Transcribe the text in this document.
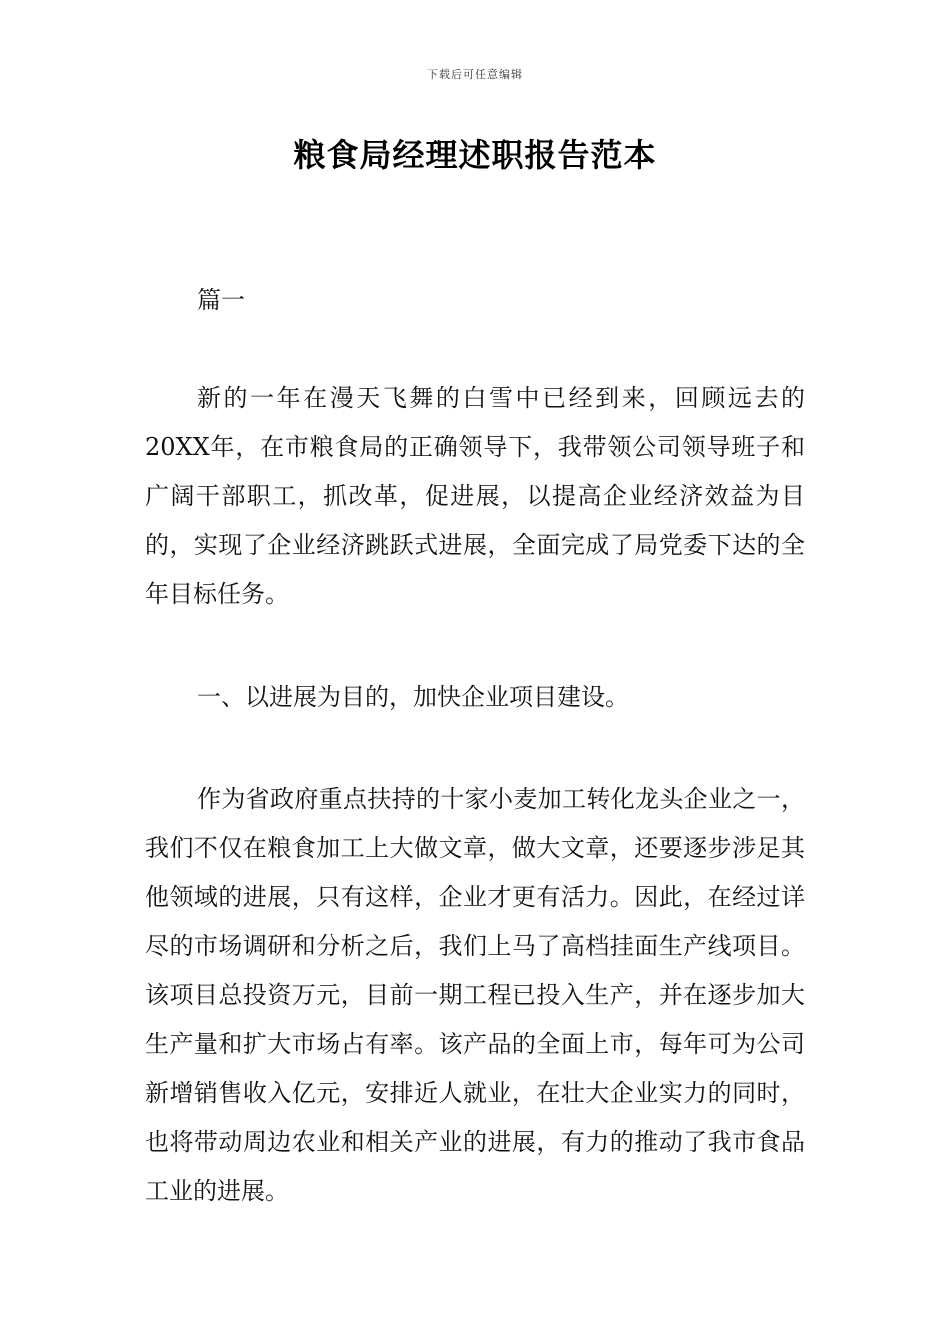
下载后可任意编辑
粮食局经理述职报告范本
篇一

新的一年在漫天飞舞的白雪中已经到来，回顾远去的20XX年，在市粮食局的正确领导下，我带领公司领导班子和广阔干部职工，抓改革，促进展，以提高企业经济效益为目的，实现了企业经济跳跃式进展，全面完成了局党委下达的全年目标任务。

一、以进展为目的，加快企业项目建设。

作为省政府重点扶持的十家小麦加工转化龙头企业之一，我们不仅在粮食加工上大做文章，做大文章，还要逐步涉足其他领域的进展，只有这样，企业才更有活力。因此，在经过详尽的市场调研和分析之后，我们上马了高档挂面生产线项目。该项目总投资万元，目前一期工程已投入生产，并在逐步加大生产量和扩大市场占有率。该产品的全面上市，每年可为公司新增销售收入亿元，安排近人就业，在壮大企业实力的同时，也将带动周边农业和相关产业的进展，有力的推动了我市食品工业的进展。
